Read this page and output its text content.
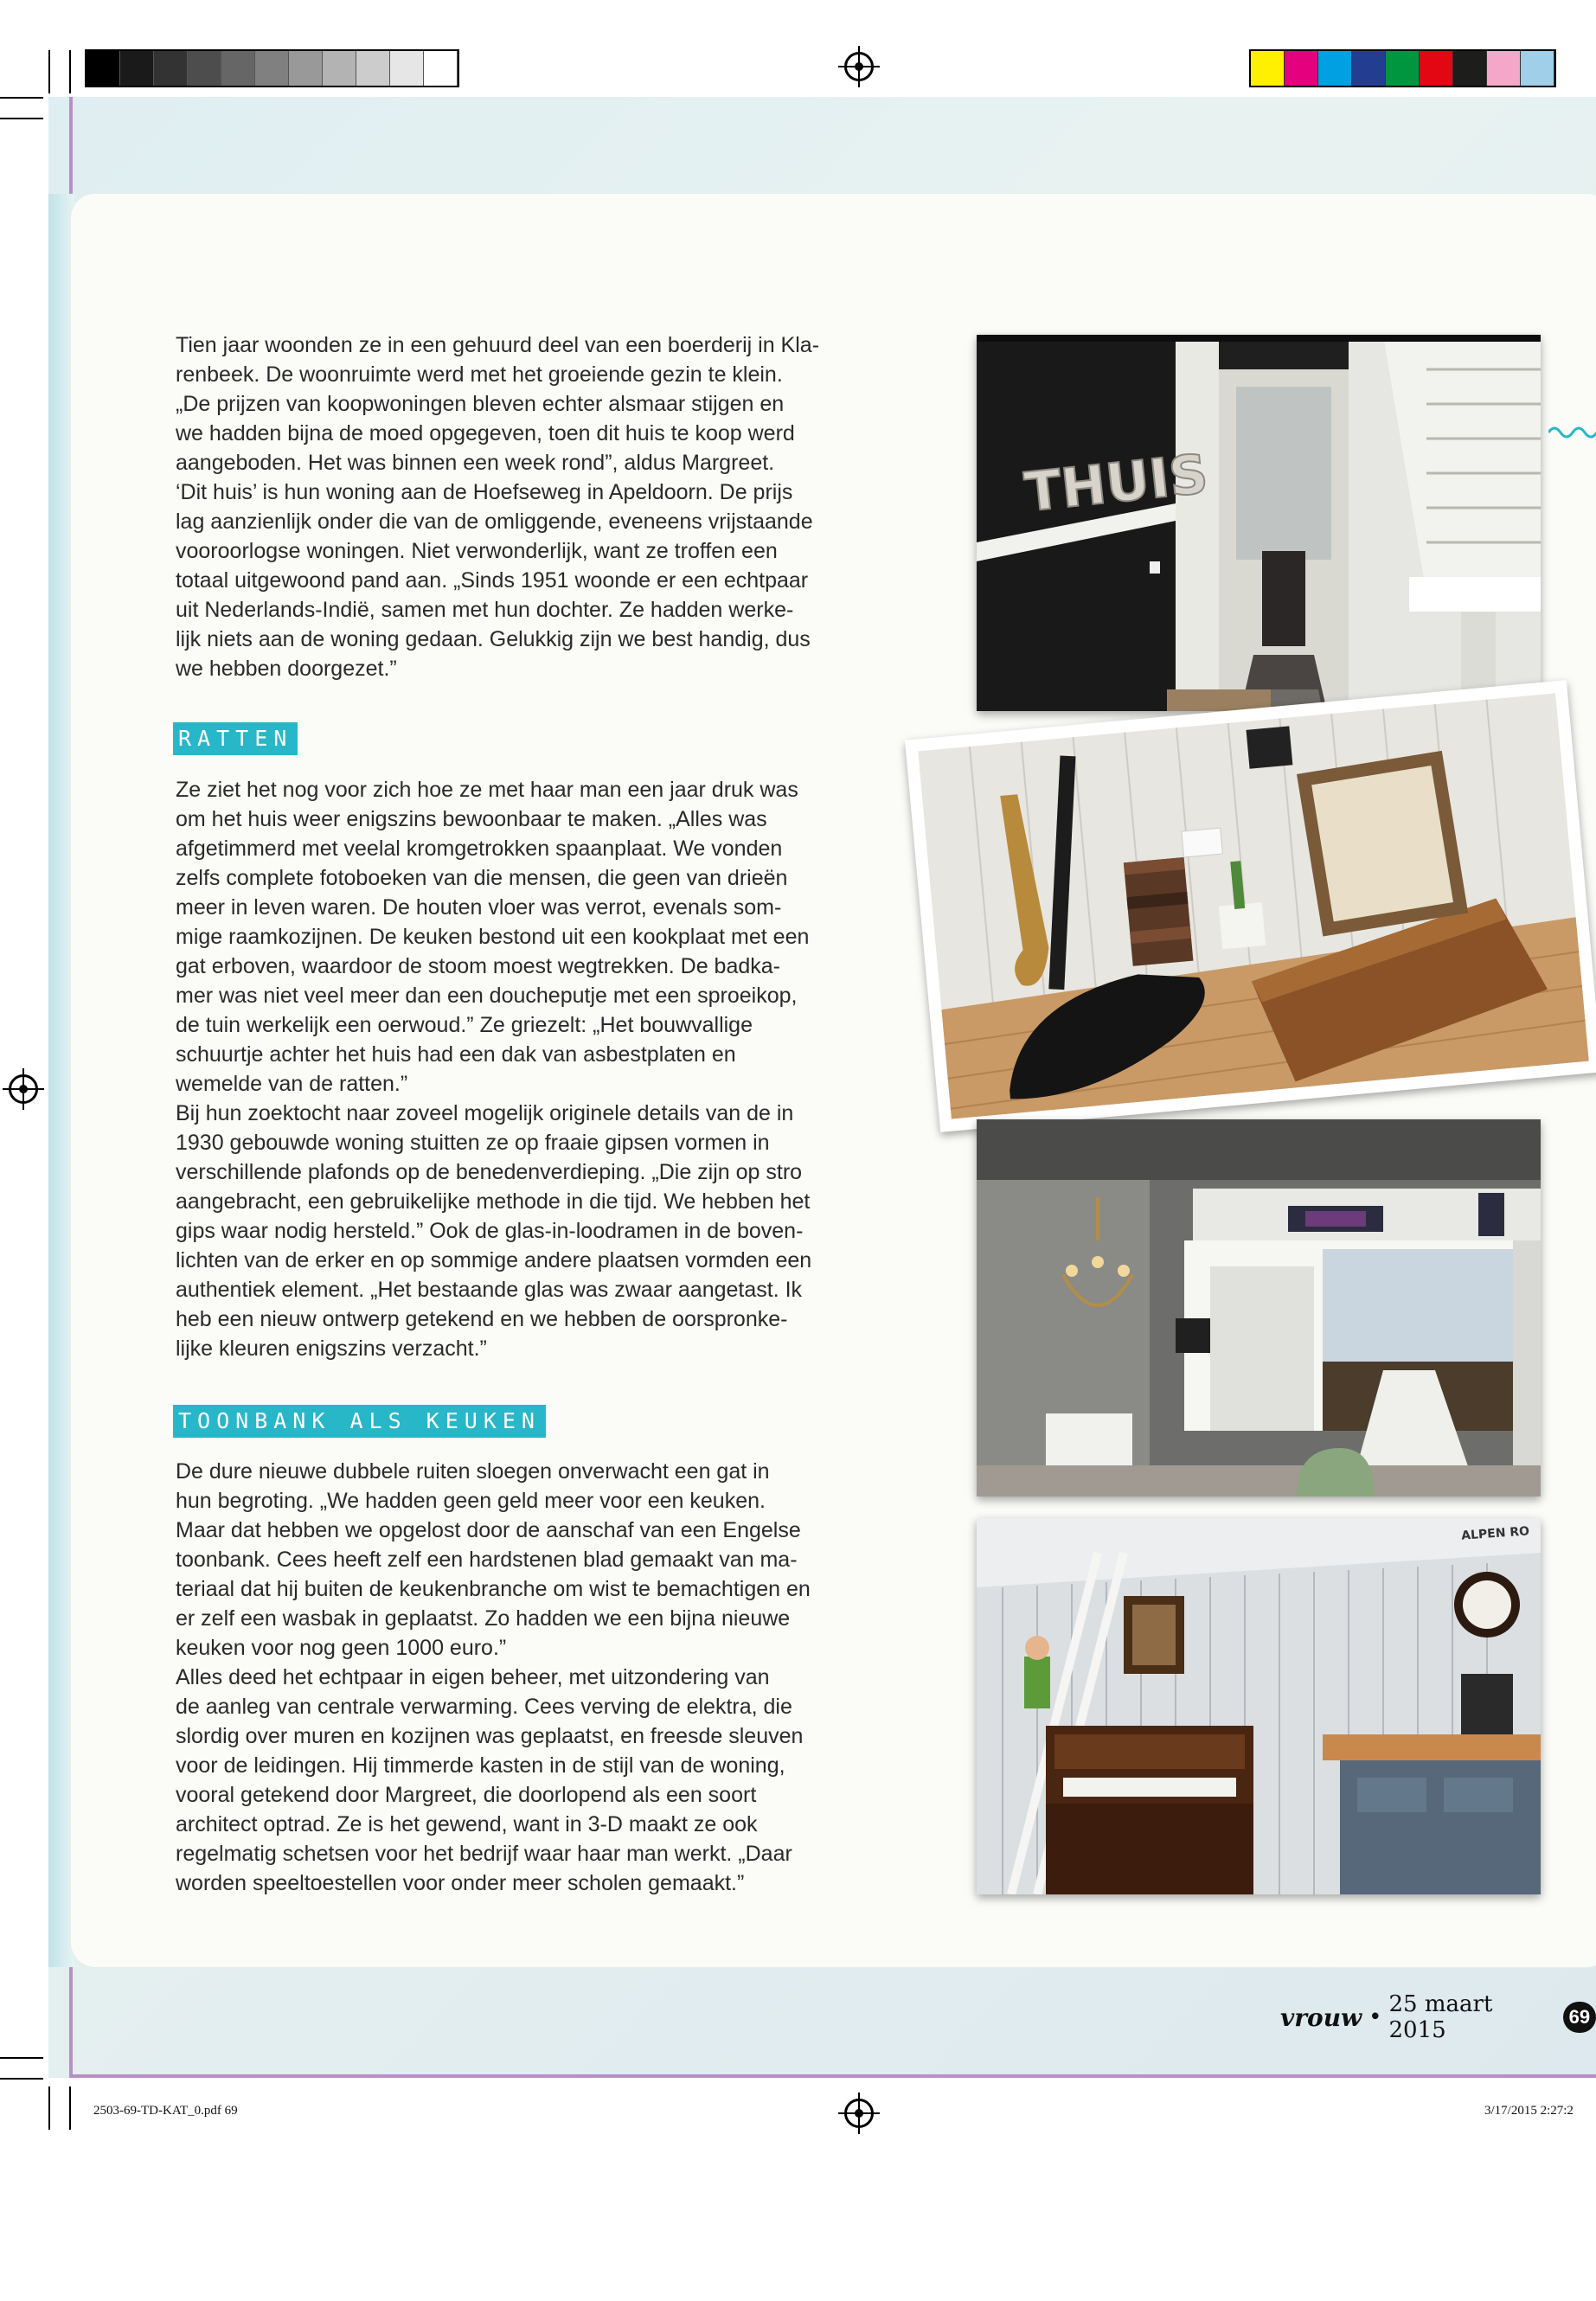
2503-69-TD-KAT_0.pdf 69	3/17/2015 2:27:2

Tien jaar woonden ze in een gehuurd deel van een boerderij in Kla-
renbeek. De woonruimte werd met het groeiende gezin te klein.
„De prijzen van koopwoningen bleven echter alsmaar stijgen en
we hadden bijna de moed opgegeven, toen dit huis te koop werd
aangeboden. Het was binnen een week rond”, aldus Margreet.
‘Dit huis’ is hun woning aan de Hoefseweg in Apeldoorn. De prijs
lag aanzienlijk onder die van de omliggende, eveneens vrijstaande
vooroorlogse woningen. Niet verwonderlijk, want ze troffen een
totaal uitgewoond pand aan. „Sinds 1951 woonde er een echtpaar
uit Nederlands-Indië, samen met hun dochter. Ze hadden werke-
lijk niets aan de woning gedaan. Gelukkig zijn we best handig, dus
we hebben doorgezet.”

RATTEN

Ze ziet het nog voor zich hoe ze met haar man een jaar druk was
om het huis weer enigszins bewoonbaar te maken. „Alles was
afgetimmerd met veelal kromgetrokken spaanplaat. We vonden
zelfs complete fotoboeken van die mensen, die geen van drieën
meer in leven waren. De houten vloer was verrot, evenals som-
mige raamkozijnen. De keuken bestond uit een kookplaat met een
gat erboven, waardoor de stoom moest wegtrekken. De badka-
mer was niet veel meer dan een doucheputje met een sproeikop,
de tuin werkelijk een oerwoud.” Ze griezelt: „Het bouwvallige
schuurtje achter het huis had een dak van asbestplaten en
wemelde van de ratten.”
Bij hun zoektocht naar zoveel mogelijk originele details van de in
1930 gebouwde woning stuitten ze op fraaie gipsen vormen in
verschillende plafonds op de benedenverdieping. „Die zijn op stro
aangebracht, een gebruikelijke methode in die tijd. We hebben het
gips waar nodig hersteld.” Ook de glas-in-loodramen in de boven-
lichten van de erker en op sommige andere plaatsen vormden een
authentiek element. „Het bestaande glas was zwaar aangetast. Ik
heb een nieuw ontwerp getekend en we hebben de oorspronke-
lijke kleuren enigszins verzacht.”

TOONBANK ALS KEUKEN

De dure nieuwe dubbele ruiten sloegen onverwacht een gat in
hun begroting. „We hadden geen geld meer voor een keuken.
Maar dat hebben we opgelost door de aanschaf van een Engelse
toonbank. Cees heeft zelf een hardstenen blad gemaakt van ma-
teriaal dat hij buiten de keukenbranche om wist te bemachtigen en
er zelf een wasbak in geplaatst. Zo hadden we een bijna nieuwe
keuken voor nog geen 1000 euro.”
Alles deed het echtpaar in eigen beheer, met uitzondering van
de aanleg van centrale verwarming. Cees verving de elektra, die
slordig over muren en kozijnen was geplaatst, en freesde sleuven
voor de leidingen. Hij timmerde kasten in de stijl van de woning,
vooral getekend door Margreet, die doorlopend als een soort
architect optrad. Ze is het gewend, want in 3-D maakt ze ook
regelmatig schetsen voor het bedrijf waar haar man werkt. „Daar
worden speeltoestellen voor onder meer scholen gemaakt.”

THUIS
ALPEN RO
vrouw • 25 maart 2015
69
